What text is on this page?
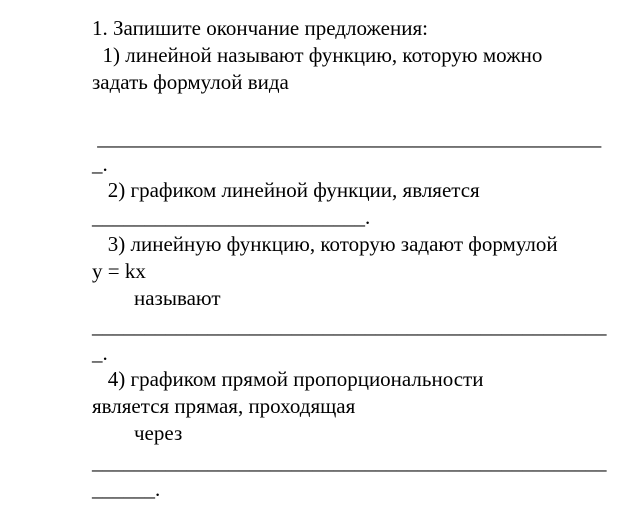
1. Запишите окончание предложения:
1) линейной называют функцию, которую можно
задать формулой вида
________________________________________________
_.
2) графиком линейной функции, является
__________________________.
3) линейную функцию, которую задают формулой
y = kx
называют
_________________________________________________
_.
4) графиком прямой пропорциональности
является прямая, проходящая
через
_________________________________________________
______.
